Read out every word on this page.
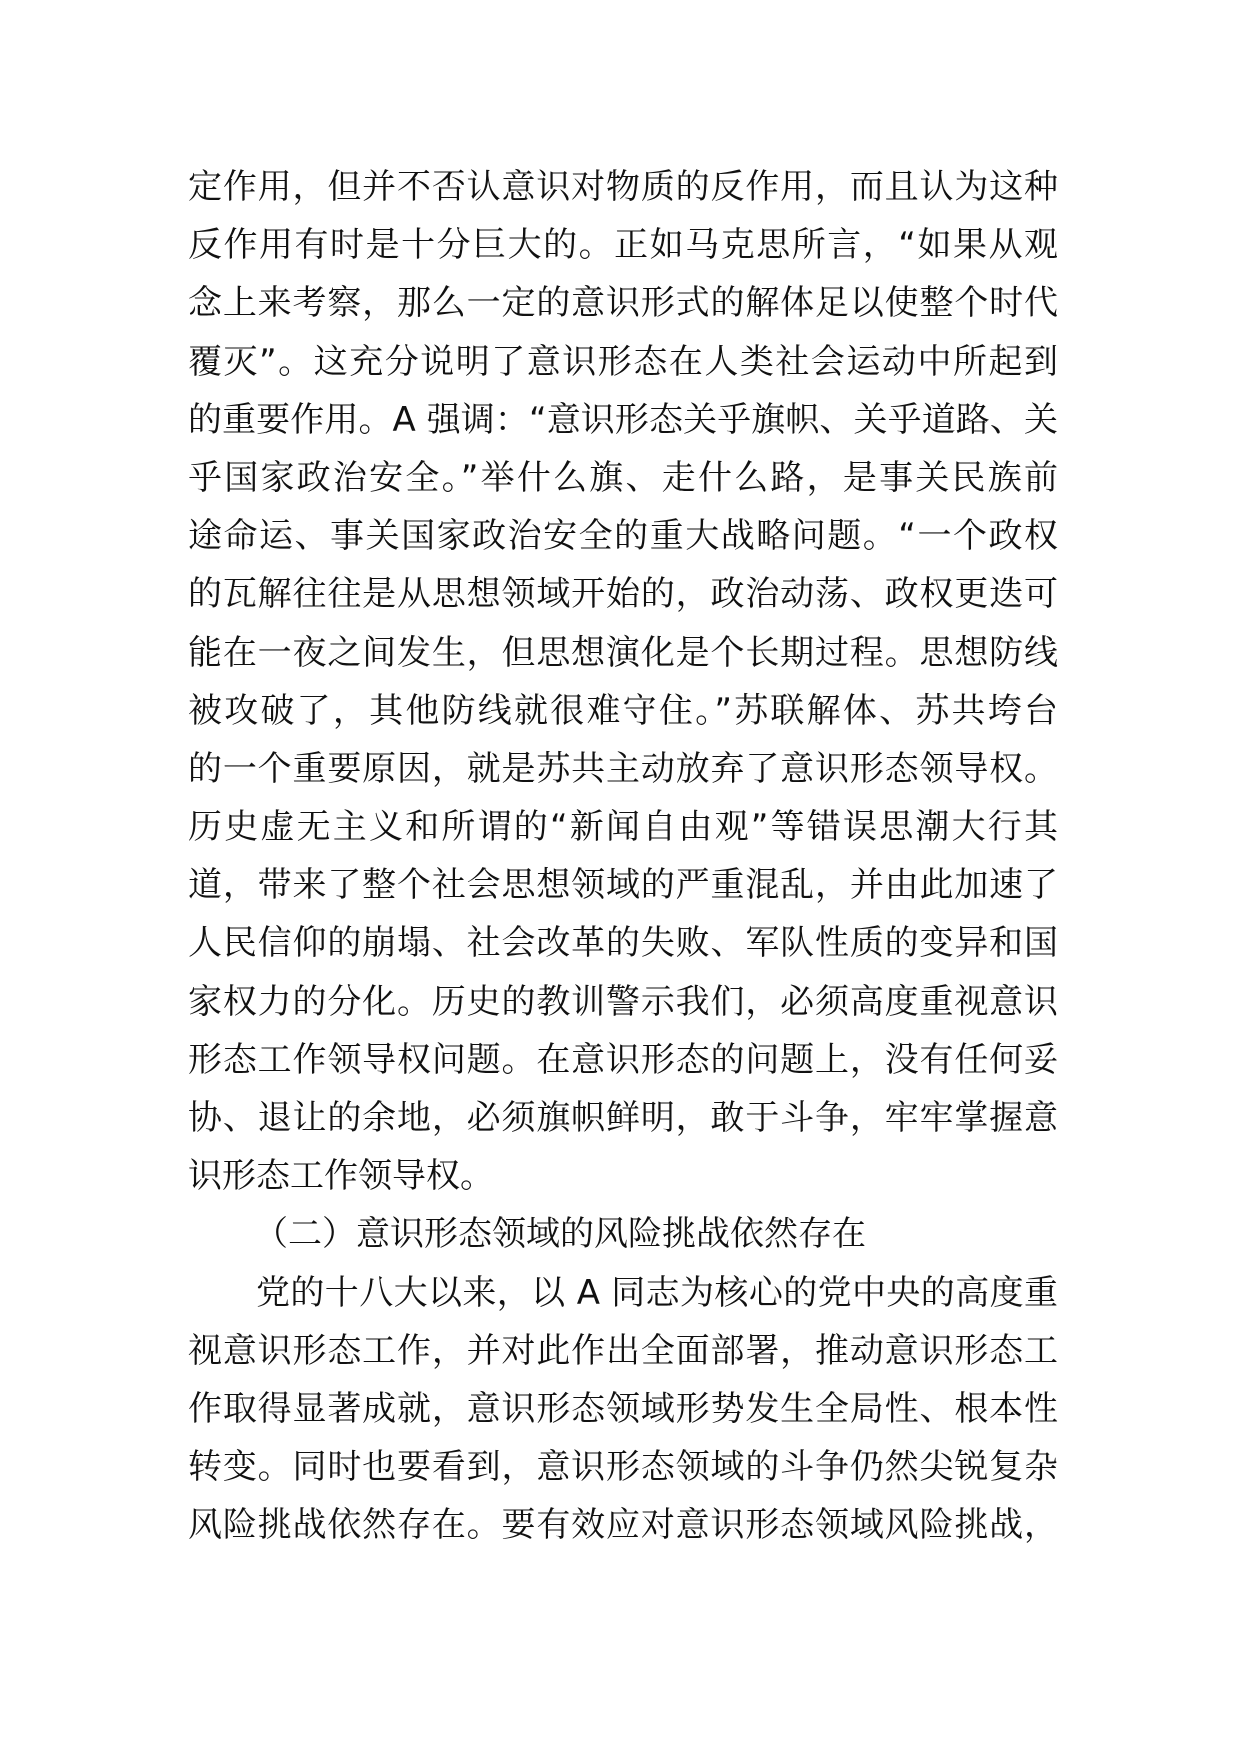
定作用，但并不否认意识对物质的反作用，而且认为这种
反作用有时是十分巨大的。正如马克思所言，“如果从观
念上来考察，那么一定的意识形式的解体足以使整个时代
覆灭”。这充分说明了意识形态在人类社会运动中所起到
的重要作用。A 强调：“意识形态关乎旗帜、关乎道路、关
乎国家政治安全。”举什么旗、走什么路，是事关民族前
途命运、事关国家政治安全的重大战略问题。“一个政权
的瓦解往往是从思想领域开始的，政治动荡、政权更迭可
能在一夜之间发生，但思想演化是个长期过程。思想防线
被攻破了，其他防线就很难守住。”苏联解体、苏共垮台
的一个重要原因，就是苏共主动放弃了意识形态领导权。
历史虚无主义和所谓的“新闻自由观”等错误思潮大行其
道，带来了整个社会思想领域的严重混乱，并由此加速了
人民信仰的崩塌、社会改革的失败、军队性质的变异和国
家权力的分化。历史的教训警示我们，必须高度重视意识
形态工作领导权问题。在意识形态的问题上，没有任何妥
协、退让的余地，必须旗帜鲜明，敢于斗争，牢牢掌握意
识形态工作领导权。
（二）意识形态领域的风险挑战依然存在
党的十八大以来，以 A 同志为核心的党中央的高度重
视意识形态工作，并对此作出全面部署，推动意识形态工
作取得显著成就，意识形态领域形势发生全局性、根本性
转变。同时也要看到，意识形态领域的斗争仍然尖锐复杂
风险挑战依然存在。要有效应对意识形态领域风险挑战，
